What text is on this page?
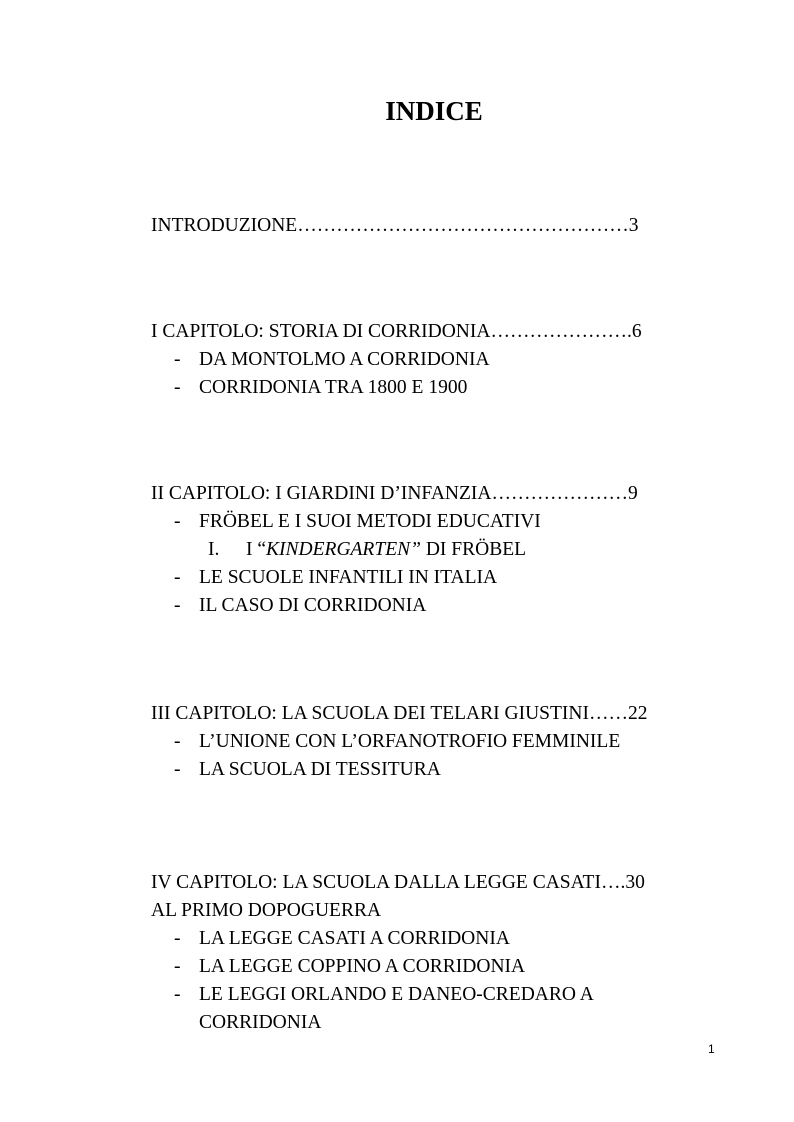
INDICE
INTRODUZIONE……………………………………………3
I CAPITOLO: STORIA DI CORRIDONIA………………….6
- DA MONTOLMO A CORRIDONIA
- CORRIDONIA TRA 1800 E 1900
II CAPITOLO: I GIARDINI D’INFANZIA…………………9
- FRÖBEL E I SUOI METODI EDUCATIVI
I. I “KINDERGARTEN” DI FRÖBEL
- LE SCUOLE INFANTILI IN ITALIA
- IL CASO DI CORRIDONIA
III CAPITOLO: LA SCUOLA DEI TELARI GIUSTINI……22
- L’UNIONE CON L’ORFANOTROFIO FEMMINILE
- LA SCUOLA DI TESSITURA
IV CAPITOLO: LA SCUOLA DALLA LEGGE CASATI….30
AL PRIMO DOPOGUERRA
- LA LEGGE CASATI A CORRIDONIA
- LA LEGGE COPPINO A CORRIDONIA
- LE LEGGI ORLANDO E DANEO-CREDARO A
CORRIDONIA
1
